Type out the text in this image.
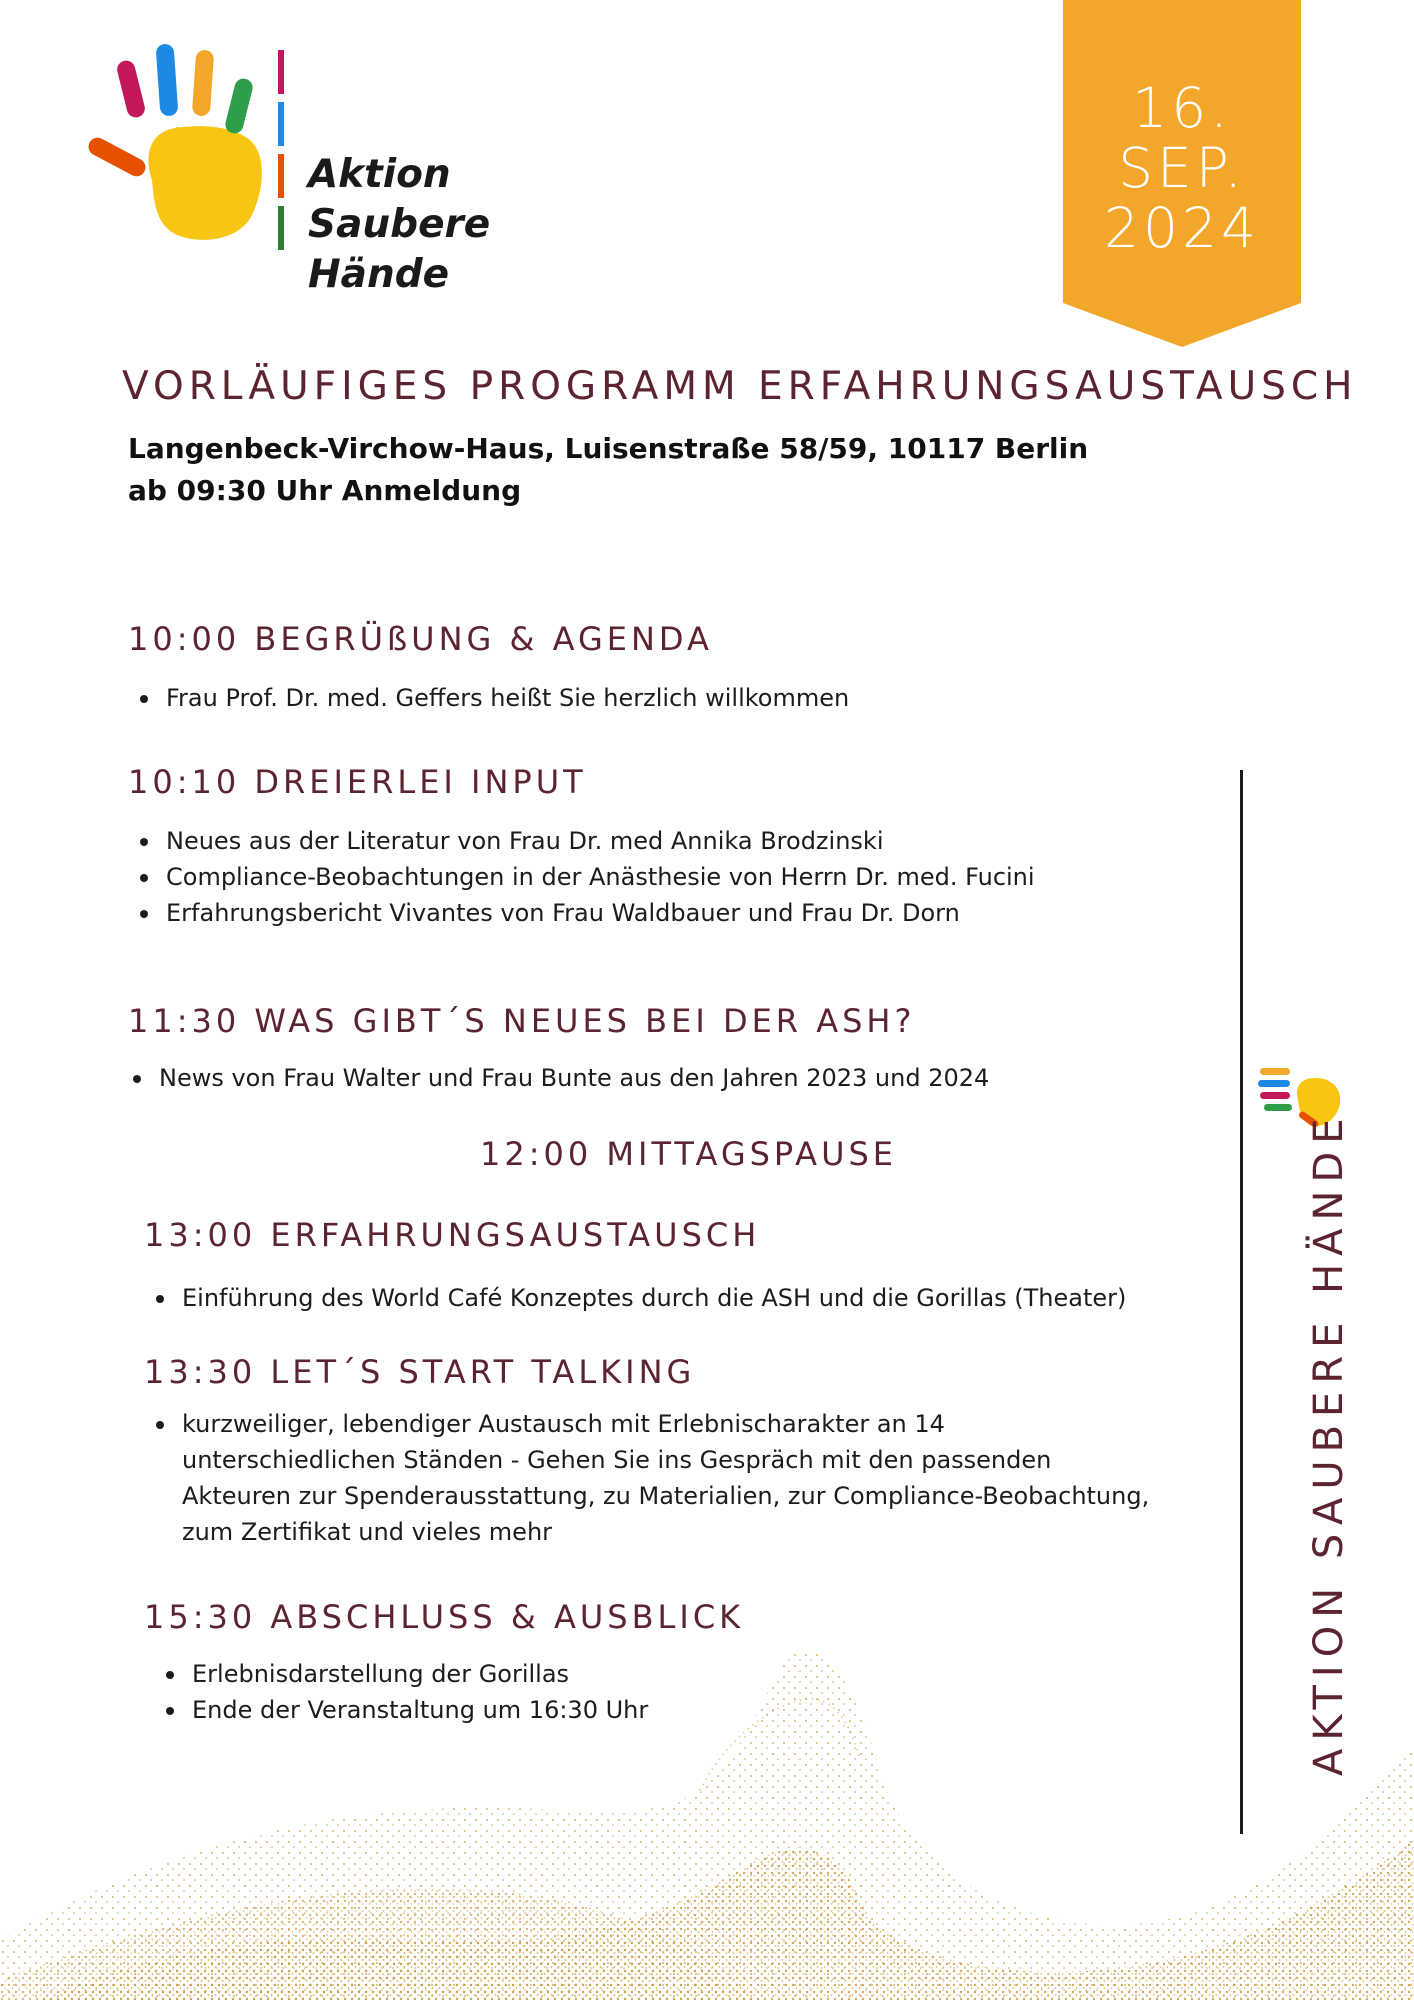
Aktion
Saubere Hände
16. SEP.
2024
VORLÄUFIGES PROGRAMM ERFAHRUNGSAUSTAUSCH
Langenbeck-Virchow-Haus, Luisenstraße 58/59, 10117 Berlin
ab 09:30 Uhr Anmeldung
10:00 BEGRÜßUNG & AGENDA
Frau Prof. Dr. med. Geffers heißt Sie herzlich willkommen
10:10 DREIERLEI INPUT
Neues aus der Literatur von Frau Dr. med Annika Brodzinski
Compliance-Beobachtungen in der Anästhesie von Herrn Dr. med. Fucini
Erfahrungsbericht Vivantes von Frau Waldbauer und Frau Dr. Dorn
11:30 WAS GIBT´S NEUES BEI DER ASH?
News von Frau Walter und Frau Bunte aus den Jahren 2023 und 2024
12:00 MITTAGSPAUSE
13:00 ERFAHRUNGSAUSTAUSCH
Einführung des World Café Konzeptes durch die ASH und die Gorillas (Theater)
13:30 LET´S START TALKING
kurzweiliger, lebendiger Austausch mit Erlebnischarakter an 14 unterschiedlichen Ständen - Gehen Sie ins Gespräch mit den passenden Akteuren zur Spenderausstattung, zu Materialien, zur Compliance-Beobachtung, zum Zertifikat und vieles mehr
15:30 ABSCHLUSS & AUSBLICK
Erlebnisdarstellung der Gorillas
Ende der Veranstaltung um 16:30 Uhr	AKTION SAUBERE HÄNDE
